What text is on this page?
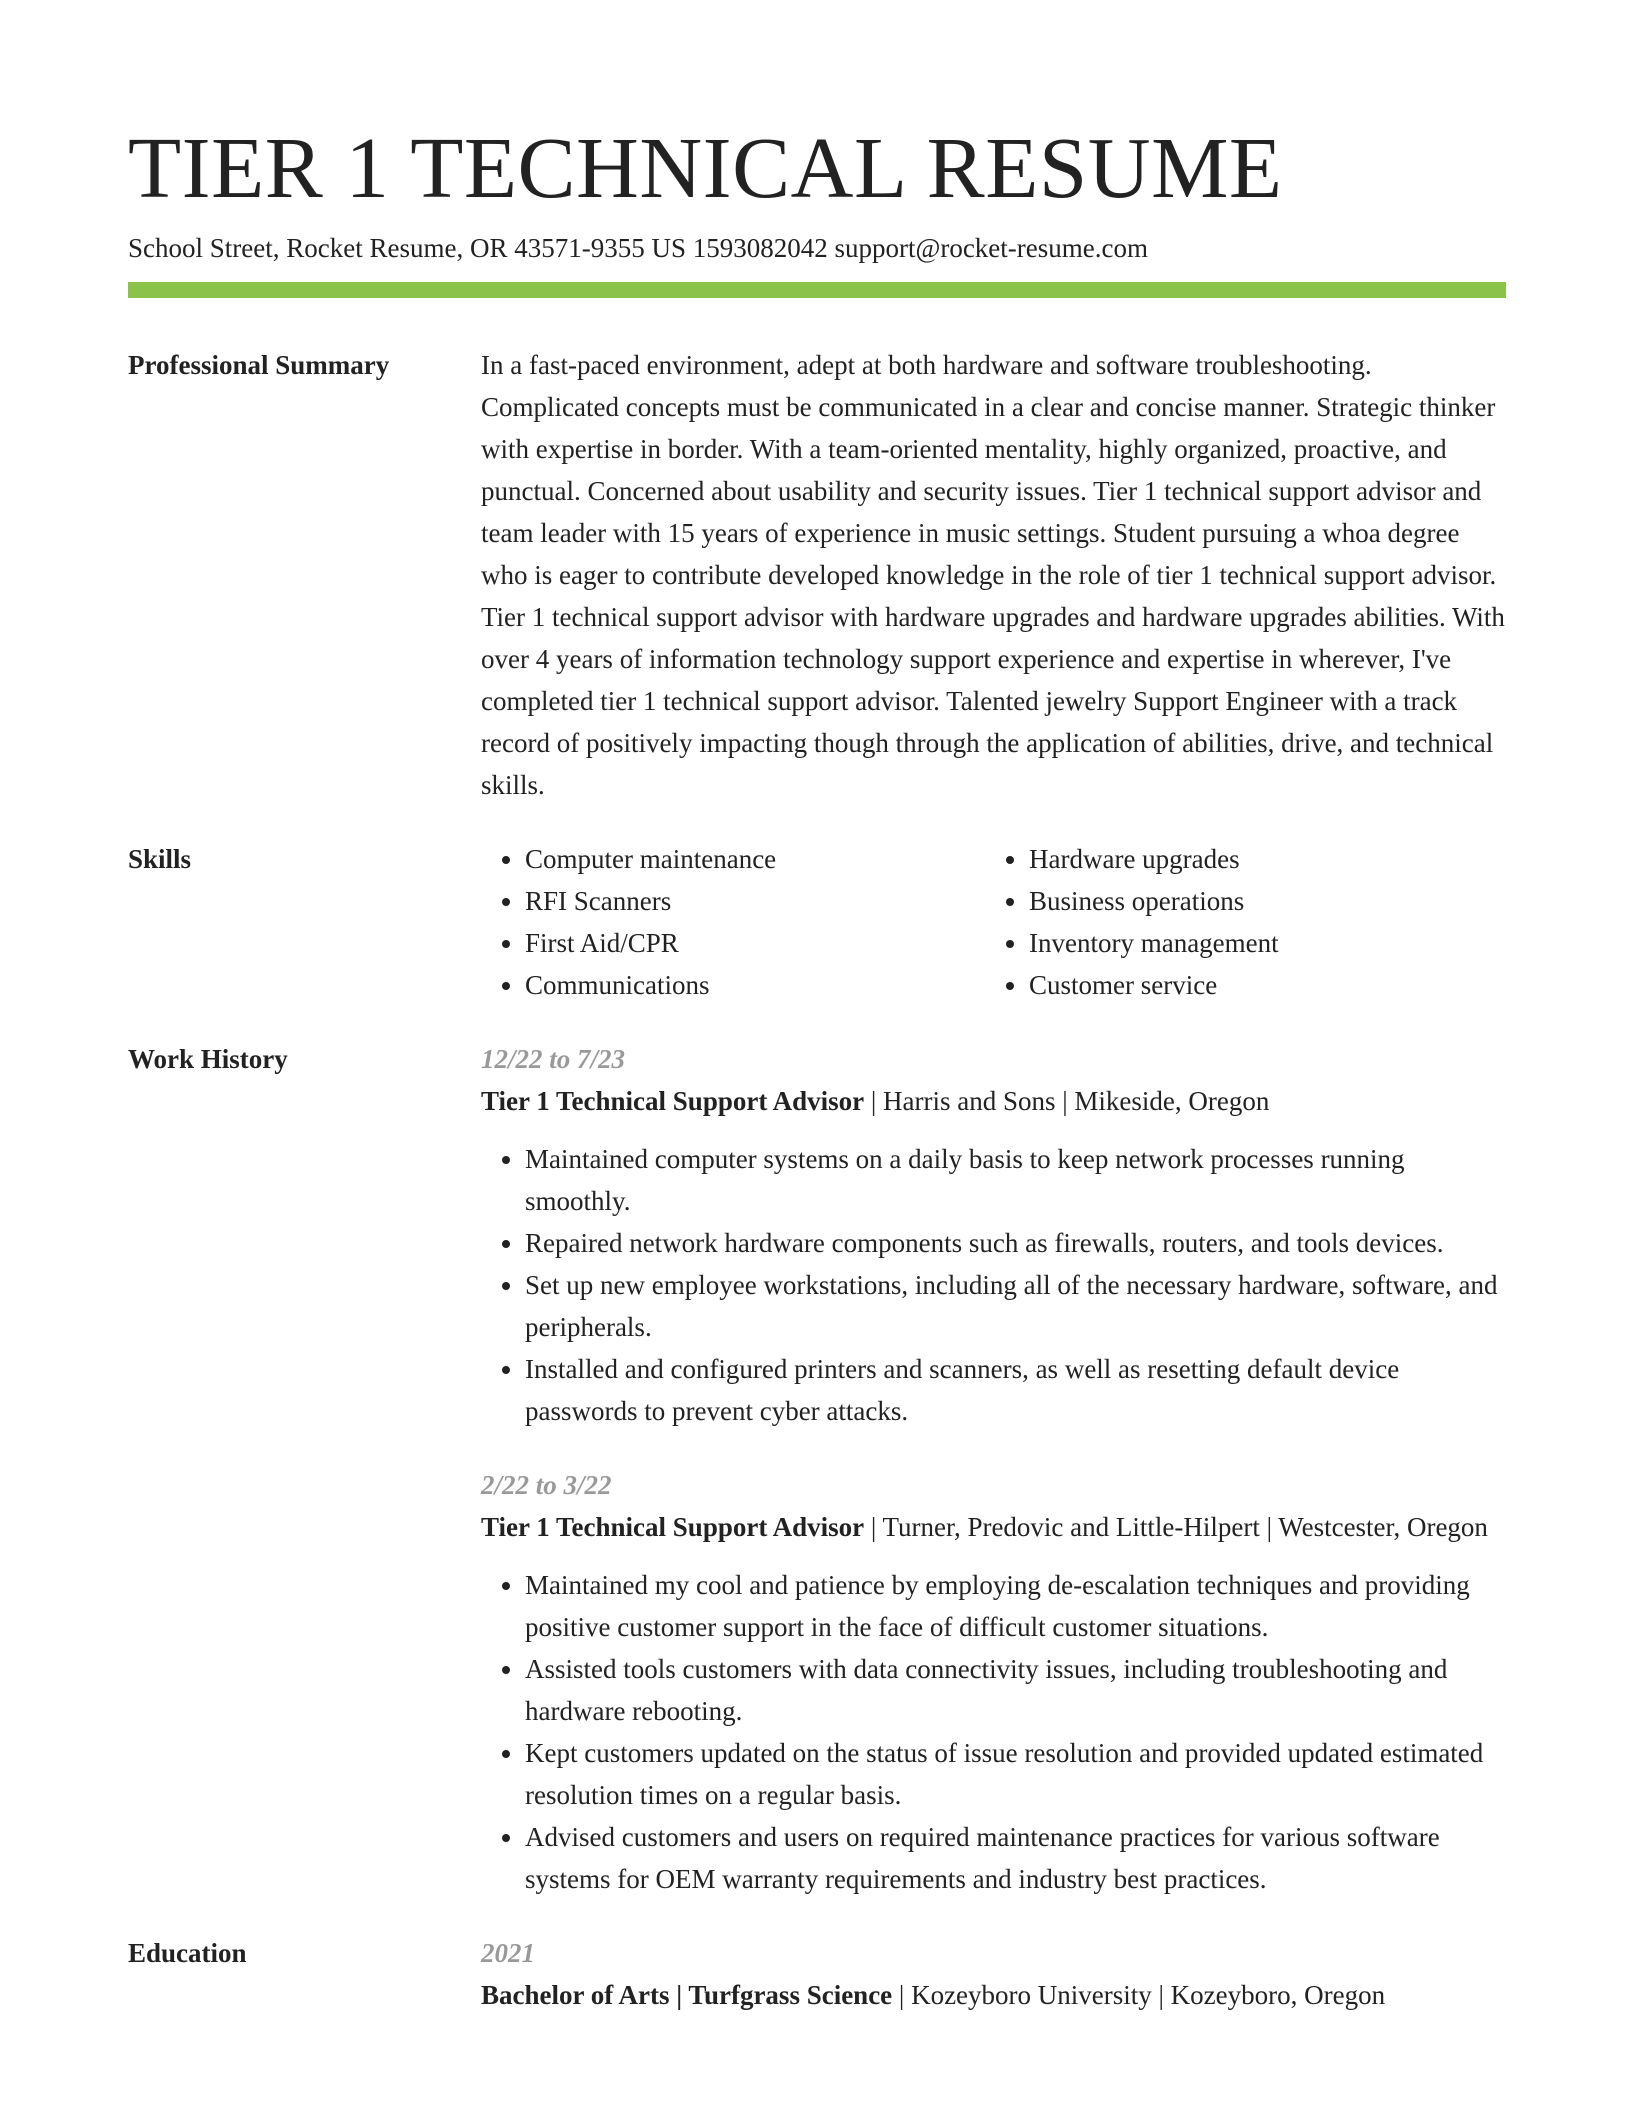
TIER 1 TECHNICAL RESUME
School Street, Rocket Resume, OR 43571-9355 US 1593082042 support@rocket-resume.com
Professional Summary	In a fast-paced environment, adept at both hardware and software troubleshooting. Complicated concepts must be communicated in a clear and concise manner. Strategic thinker with expertise in border. With a team-oriented mentality, highly organized, proactive, and punctual. Concerned about usability and security issues. Tier 1 technical support advisor and team leader with 15 years of experience in music settings. Student pursuing a whoa degree who is eager to contribute developed knowledge in the role of tier 1 technical support advisor. Tier 1 technical support advisor with hardware upgrades and hardware upgrades abilities. With over 4 years of information technology support experience and expertise in wherever, I've completed tier 1 technical support advisor. Talented jewelry Support Engineer with a track record of positively impacting though through the application of abilities, drive, and technical skills.
Skills
•	Computer maintenance
• RFI Scanners
• First Aid/CPR
• Communications
• Hardware upgrades
• Business operations
• Inventory management
• Customer service
Work History	12/22 to 7/23
Tier 1 Technical Support Advisor | Harris and Sons | Mikeside, Oregon
• Maintained computer systems on a daily basis to keep network processes running smoothly.
• Repaired network hardware components such as firewalls, routers, and tools devices.
• Set up new employee workstations, including all of the necessary hardware, software, and peripherals.
• Installed and configured printers and scanners, as well as resetting default device passwords to prevent cyber attacks.
2/22 to 3/22
Tier 1 Technical Support Advisor | Turner, Predovic and Little-Hilpert | Westcester, Oregon
• Maintained my cool and patience by employing de-escalation techniques and providing positive customer support in the face of difficult customer situations.
• Assisted tools customers with data connectivity issues, including troubleshooting and hardware rebooting.
• Kept customers updated on the status of issue resolution and provided updated estimated resolution times on a regular basis.
• Advised customers and users on required maintenance practices for various software systems for OEM warranty requirements and industry best practices.
Education	2021
Bachelor of Arts | Turfgrass Science | Kozeyboro University | Kozeyboro, Oregon
